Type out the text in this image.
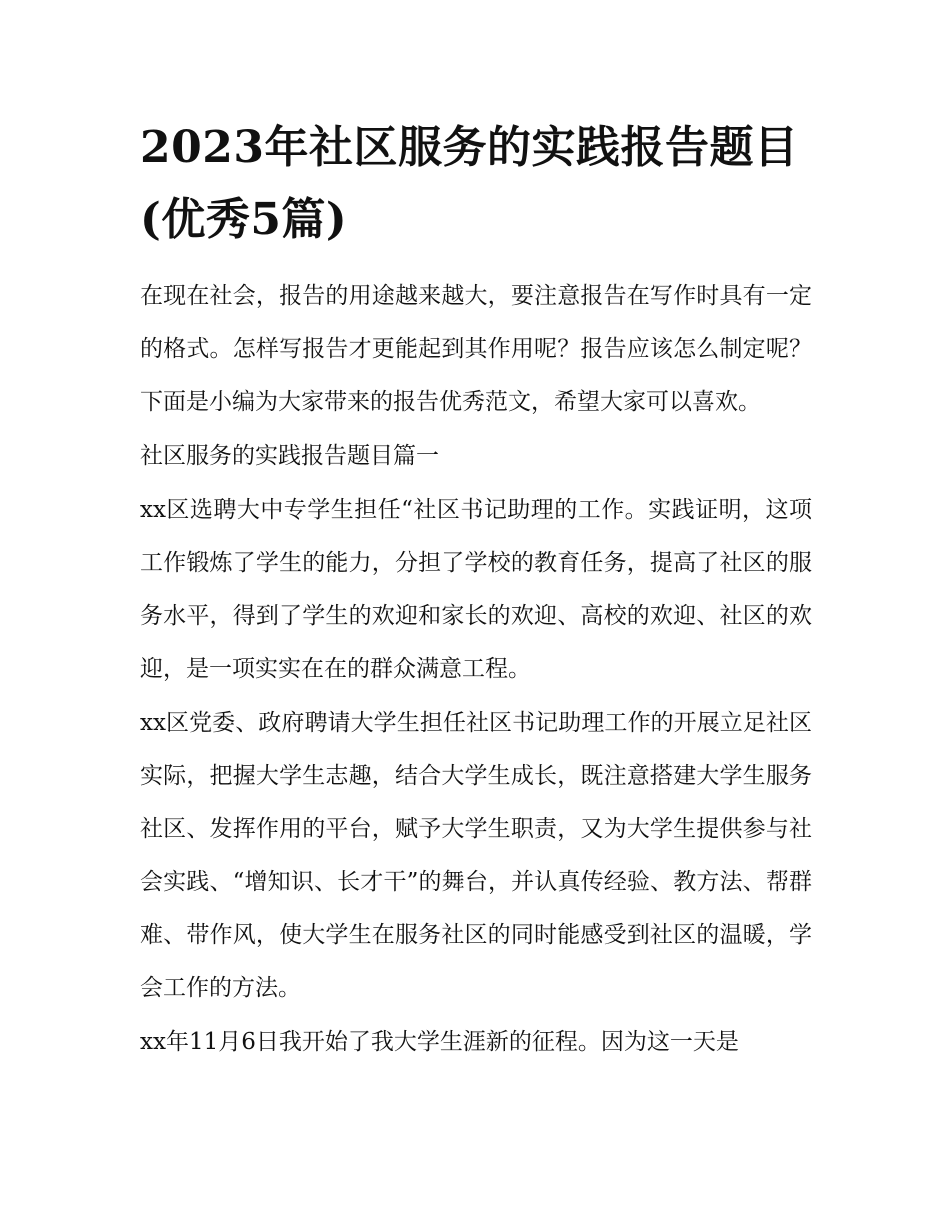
2023年社区服务的实践报告题目(优秀5篇)

在现在社会，报告的用途越来越大，要注意报告在写作时具有一定的格式。怎样写报告才更能起到其作用呢？报告应该怎么制定呢？下面是小编为大家带来的报告优秀范文，希望大家可以喜欢。

社区服务的实践报告题目篇一

xx区选聘大中专学生担任“社区书记助理的工作。实践证明，这项工作锻炼了学生的能力，分担了学校的教育任务，提高了社区的服务水平，得到了学生的欢迎和家长的欢迎、高校的欢迎、社区的欢迎，是一项实实在在的群众满意工程。

xx区党委、政府聘请大学生担任社区书记助理工作的开展立足社区实际，把握大学生志趣，结合大学生成长，既注意搭建大学生服务社区、发挥作用的平台，赋予大学生职责，又为大学生提供参与社会实践、“增知识、长才干”的舞台，并认真传经验、教方法、帮群难、带作风，使大学生在服务社区的同时能感受到社区的温暖，学会工作的方法。

xx年11月6日我开始了我大学生涯新的征程。因为这一天是
